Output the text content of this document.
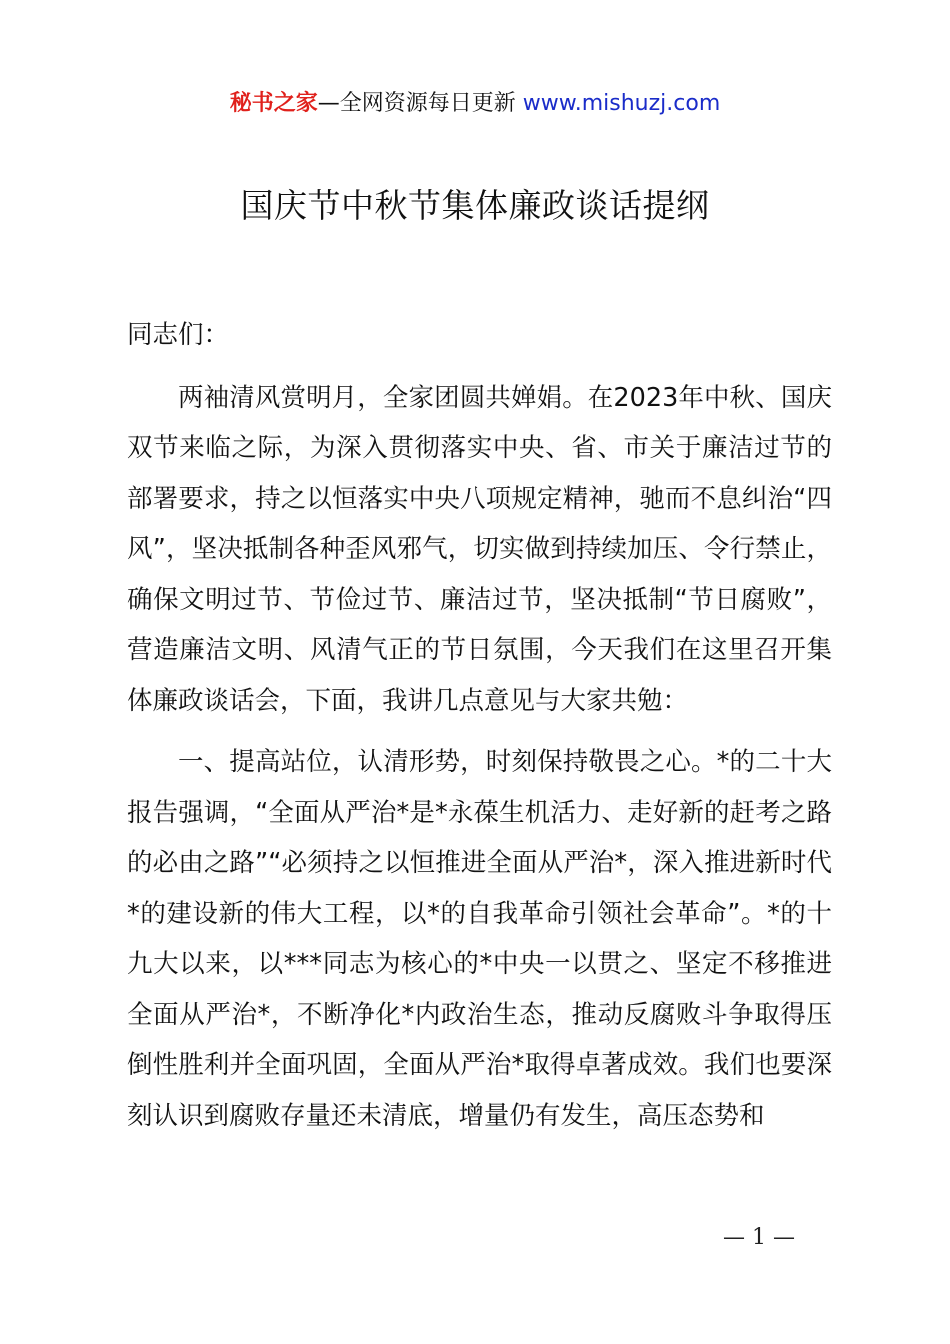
秘书之家—全网资源每日更新 www.mishuzj.com
国庆节中秋节集体廉政谈话提纲

同志们：

两袖清风赏明月，全家团圆共婵娟。在2023年中秋、国庆双节来临之际，为深入贯彻落实中央、省、市关于廉洁过节的部署要求，持之以恒落实中央八项规定精神，驰而不息纠治“四风”，坚决抵制各种歪风邪气，切实做到持续加压、令行禁止，确保文明过节、节俭过节、廉洁过节，坚决抵制“节日腐败”，营造廉洁文明、风清气正的节日氛围，今天我们在这里召开集体廉政谈话会，下面，我讲几点意见与大家共勉：

一、提高站位，认清形势，时刻保持敬畏之心。*的二十大报告强调，“全面从严治*是*永葆生机活力、走好新的赶考之路的必由之路”“必须持之以恒推进全面从严治*，深入推进新时代*的建设新的伟大工程，以*的自我革命引领社会革命”。*的十九大以来，以***同志为核心的*中央一以贯之、坚定不移推进全面从严治*，不断净化*内政治生态，推动反腐败斗争取得压倒性胜利并全面巩固，全面从严治*取得卓著成效。我们也要深刻认识到腐败存量还未清底，增量仍有发生，高压态势和

— 1 —
